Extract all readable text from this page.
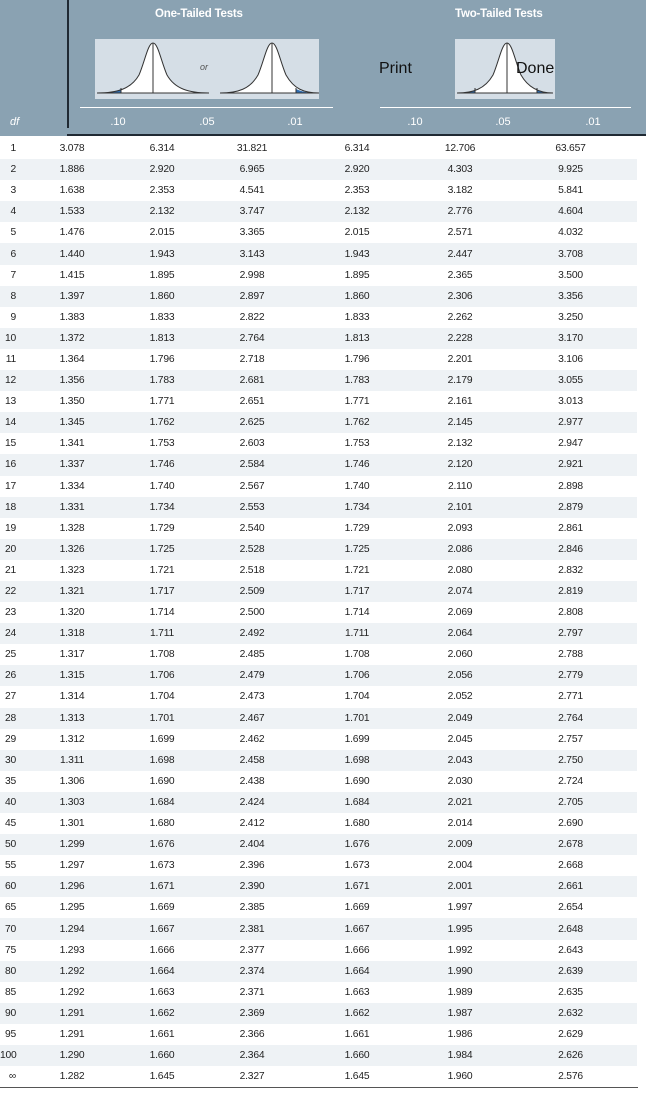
One-Tailed Tests	Two-Tailed Tests
or	Print	Done
df	.10	.05	.01	.10	.05	.01
1	3.078	6.314	31.821	6.314	12.706	63.657
2	1.886	2.920	6.965	2.920	4.303	9.925
3	1.638	2.353	4.541	2.353	3.182	5.841
4	1.533	2.132	3.747	2.132	2.776	4.604
5	1.476	2.015	3.365	2.015	2.571	4.032
6	1.440	1.943	3.143	1.943	2.447	3.708
7	1.415	1.895	2.998	1.895	2.365	3.500
8	1.397	1.860	2.897	1.860	2.306	3.356
9	1.383	1.833	2.822	1.833	2.262	3.250
10	1.372	1.813	2.764	1.813	2.228	3.170
11	1.364	1.796	2.718	1.796	2.201	3.106
12	1.356	1.783	2.681	1.783	2.179	3.055
13	1.350	1.771	2.651	1.771	2.161	3.013
14	1.345	1.762	2.625	1.762	2.145	2.977
15	1.341	1.753	2.603	1.753	2.132	2.947
16	1.337	1.746	2.584	1.746	2.120	2.921
17	1.334	1.740	2.567	1.740	2.110	2.898
18	1.331	1.734	2.553	1.734	2.101	2.879
19	1.328	1.729	2.540	1.729	2.093	2.861
20	1.326	1.725	2.528	1.725	2.086	2.846
21	1.323	1.721	2.518	1.721	2.080	2.832
22	1.321	1.717	2.509	1.717	2.074	2.819
23	1.320	1.714	2.500	1.714	2.069	2.808
24	1.318	1.711	2.492	1.711	2.064	2.797
25	1.317	1.708	2.485	1.708	2.060	2.788
26	1.315	1.706	2.479	1.706	2.056	2.779
27	1.314	1.704	2.473	1.704	2.052	2.771
28	1.313	1.701	2.467	1.701	2.049	2.764
29	1.312	1.699	2.462	1.699	2.045	2.757
30	1.311	1.698	2.458	1.698	2.043	2.750
35	1.306	1.690	2.438	1.690	2.030	2.724
40	1.303	1.684	2.424	1.684	2.021	2.705
45	1.301	1.680	2.412	1.680	2.014	2.690
50	1.299	1.676	2.404	1.676	2.009	2.678
55	1.297	1.673	2.396	1.673	2.004	2.668
60	1.296	1.671	2.390	1.671	2.001	2.661
65	1.295	1.669	2.385	1.669	1.997	2.654
70	1.294	1.667	2.381	1.667	1.995	2.648
75	1.293	1.666	2.377	1.666	1.992	2.643
80	1.292	1.664	2.374	1.664	1.990	2.639
85	1.292	1.663	2.371	1.663	1.989	2.635
90	1.291	1.662	2.369	1.662	1.987	2.632
95	1.291	1.661	2.366	1.661	1.986	2.629
100	1.290	1.660	2.364	1.660	1.984	2.626
∞	1.282	1.645	2.327	1.645	1.960	2.576
